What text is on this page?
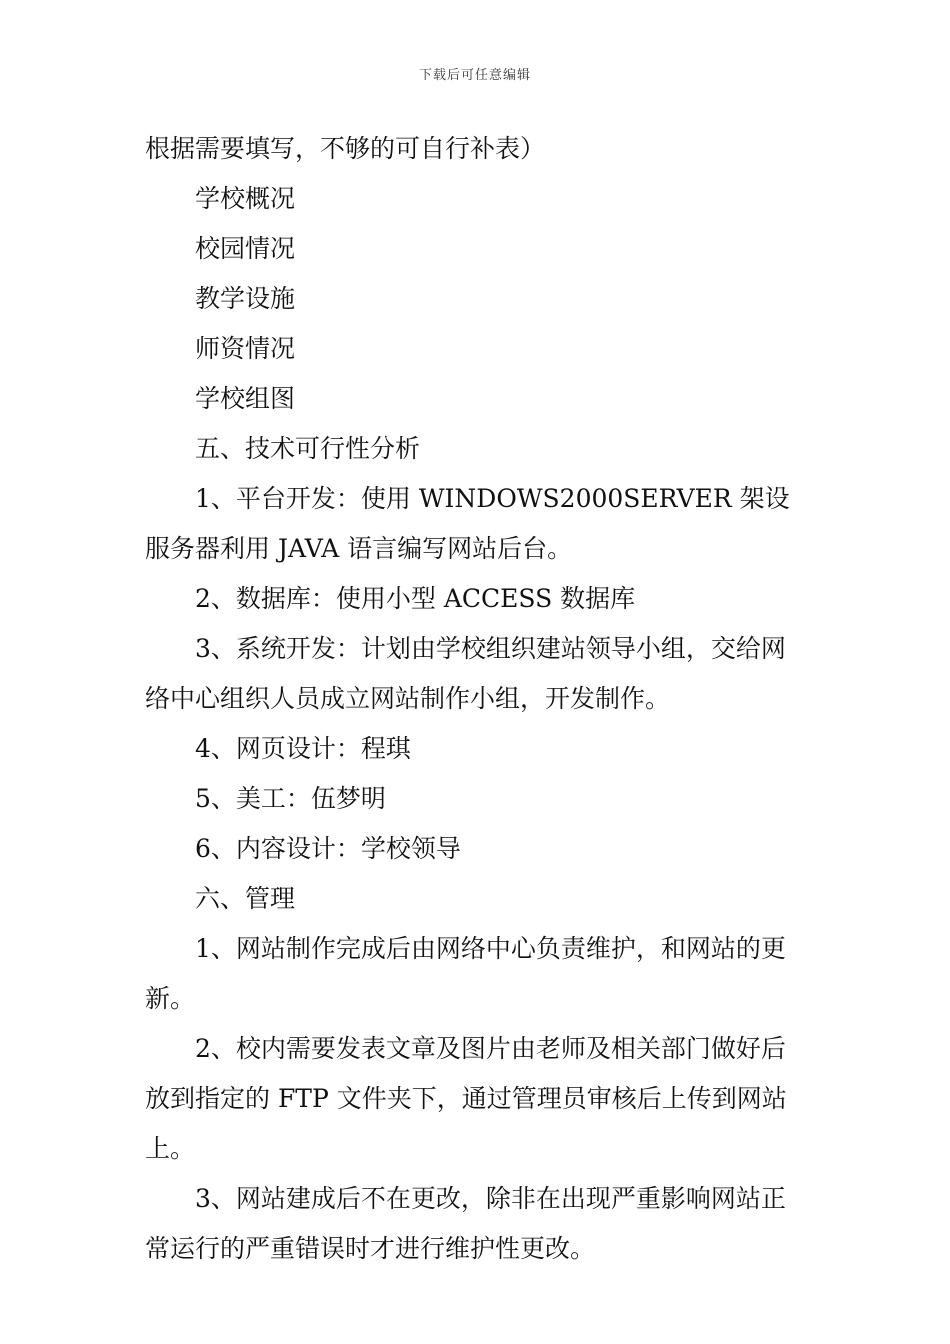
下载后可任意编辑

根据需要填写，不够的可自行补表）

学校概况

校园情况

教学设施

师资情况

学校组图

五、技术可行性分析

1、平台开发：使用 WINDOWS2000SERVER 架设服务器利用 JAVA 语言编写网站后台。

2、数据库：使用小型 ACCESS 数据库

3、系统开发：计划由学校组织建站领导小组，交给网络中心组织人员成立网站制作小组，开发制作。

4、网页设计：程琪

5、美工：伍梦明

6、内容设计：学校领导

六、管理

1、网站制作完成后由网络中心负责维护，和网站的更新。

2、校内需要发表文章及图片由老师及相关部门做好后放到指定的 FTP 文件夹下，通过管理员审核后上传到网站上。

3、网站建成后不在更改，除非在出现严重影响网站正常运行的严重错误时才进行维护性更改。
